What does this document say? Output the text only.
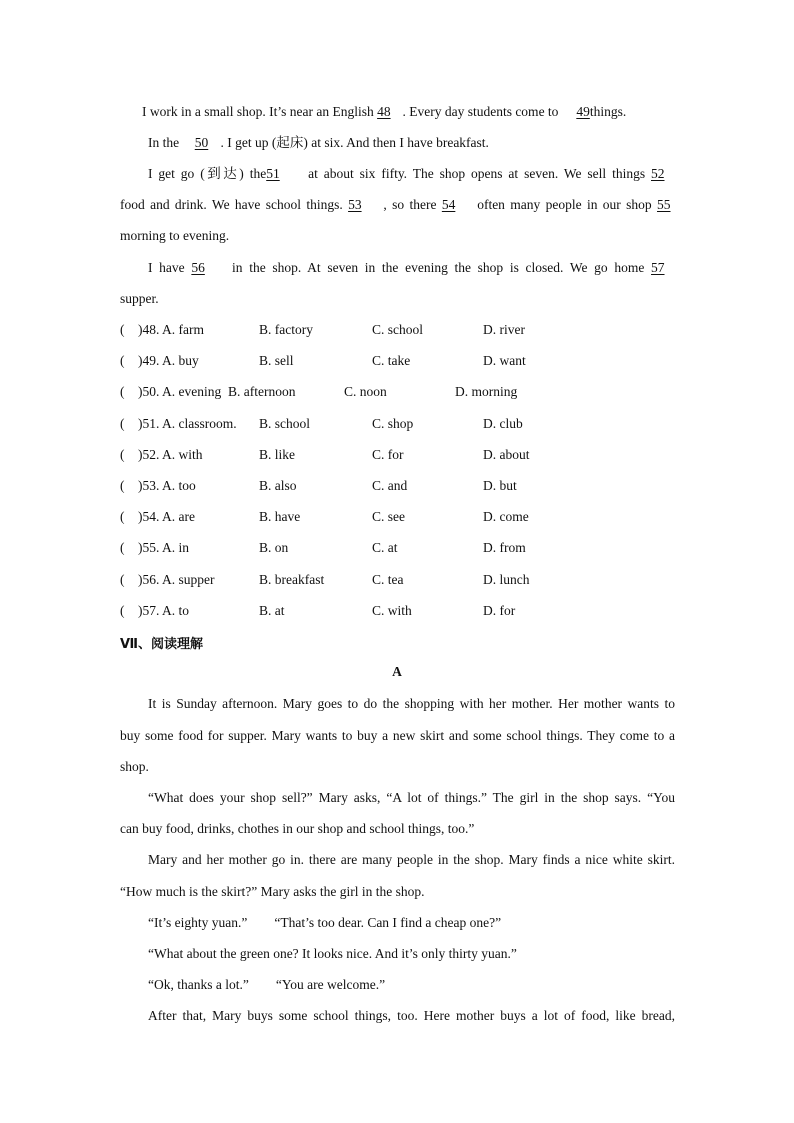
I work in a small shop. It’s near an English 48 . Every day students come to 49things.
In the 50 . I get up (起床) at six. And then I have breakfast.
I get go (到达) the51 at about six fifty. The shop opens at seven. We sell things 52
food and drink. We have school things. 53 , so there 54 often many people in our shop 55
morning to evening.
I have 56 in the shop. At seven in the evening the shop is closed. We go home 57
supper.
( )48. A. farm	B. factory	C. school	D. river
( )49. A. buy	B. sell	C. take	D. want
( )50. A. evening  B. afternoon	C. noon	D. morning
( )51. A. classroom. B. school	C. shop	D. club
( )52. A. with	B. like	C. for	D. about
( )53. A. too	B. also	C. and	D. but
( )54. A. are	B. have	C. see	D. come
( )55. A. in	B. on	C. at	D. from
( )56. A. supper	B. breakfast	C. tea	D. lunch
( )57. A. to	B. at	C. with	D. for
Ⅶ、阅读理解
A
It is Sunday afternoon. Mary goes to do the shopping with her mother. Her mother wants to
buy some food for supper. Mary wants to buy a new skirt and some school things. They come to a
shop.
“What does your shop sell?” Mary asks, “A lot of things.” The girl in the shop says. “You
can buy food, drinks, chothes in our shop and school things, too.”
Mary and her mother go in. there are many people in the shop. Mary finds a nice white skirt.
“How much is the skirt?” Mary asks the girl in the shop.
“It’s eighty yuan.”        “That’s too dear. Can I find a cheap one?”
“What about the green one? It looks nice. And it’s only thirty yuan.”
“Ok, thanks a lot.”        “You are welcome.”
After that, Mary buys some school things, too. Here mother buys a lot of food, like bread,
